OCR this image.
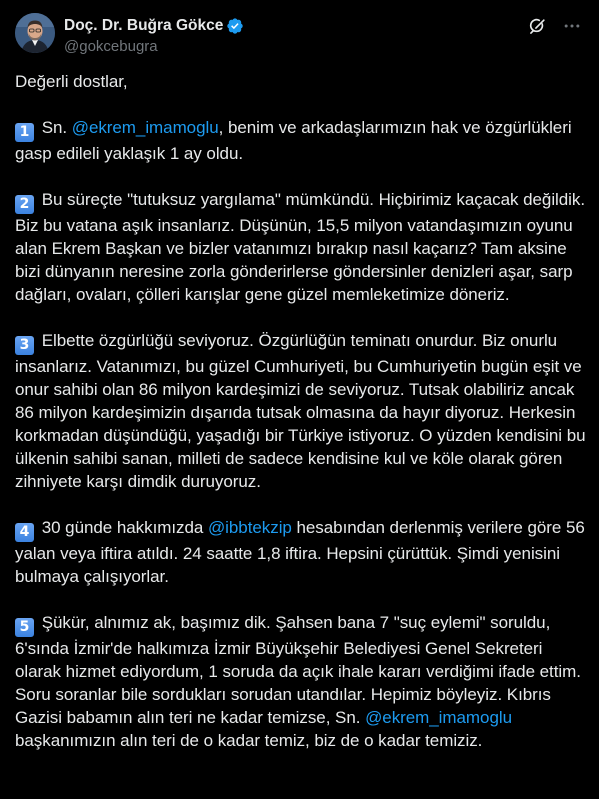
Doç. Dr. Buğra Gökce
@gokcebugra

Değerli dostlar,

1 Sn. @ekrem_imamoglu, benim ve arkadaşlarımızın hak ve özgürlükleri gasp edileli yaklaşık 1 ay oldu.

2 Bu süreçte "tutuksuz yargılama" mümkündü. Hiçbirimiz kaçacak değildik. Biz bu vatana aşık insanlarız. Düşünün, 15,5 milyon vatandaşımızın oyunu alan Ekrem Başkan ve bizler vatanımızı bırakıp nasıl kaçarız? Tam aksine bizi dünyanın neresine zorla gönderirlerse göndersinler denizleri aşar, sarp dağları, ovaları, çölleri karışlar gene güzel memleketimize döneriz.

3 Elbette özgürlüğü seviyoruz. Özgürlüğün teminatı onurdur. Biz onurlu insanlarız. Vatanımızı, bu güzel Cumhuriyeti, bu Cumhuriyetin bugün eşit ve onur sahibi olan 86 milyon kardeşimizi de seviyoruz. Tutsak olabiliriz ancak 86 milyon kardeşimizin dışarıda tutsak olmasına da hayır diyoruz. Herkesin korkmadan düşündüğü, yaşadığı bir Türkiye istiyoruz. O yüzden kendisini bu ülkenin sahibi sanan, milleti de sadece kendisine kul ve köle olarak gören zihniyete karşı dimdik duruyoruz.

4 30 günde hakkımızda @ibbtekzip hesabından derlenmiş verilere göre 56 yalan veya iftira atıldı. 24 saatte 1,8 iftira. Hepsini çürüttük. Şimdi yenisini bulmaya çalışıyorlar.

5 Şükür, alnımız ak, başımız dik. Şahsen bana 7 "suç eylemi" soruldu, 6'sında İzmir'de halkımıza İzmir Büyükşehir Belediyesi Genel Sekreteri olarak hizmet ediyordum, 1 soruda da açık ihale kararı verdiğimi ifade ettim. Soru soranlar bile sordukları sorudan utandılar. Hepimiz böyleyiz. Kıbrıs Gazisi babamın alın teri ne kadar temizse, Sn. @ekrem_imamoglu başkanımızın alın teri de o kadar temiz, biz de o kadar temiziz.
